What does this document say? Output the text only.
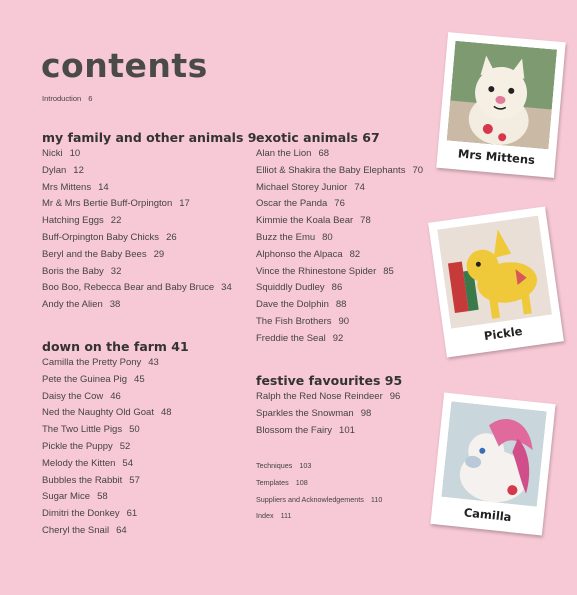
contents
Introduction 6
my family and other animals 9
Nicki 10
Dylan 12
Mrs Mittens 14
Mr & Mrs Bertie Buff-Orpington 17
Hatching Eggs 22
Buff-Orpington Baby Chicks 26
Beryl and the Baby Bees 29
Boris the Baby 32
Boo Boo, Rebecca Bear and Baby Bruce 34
Andy the Alien 38
down on the farm 41
Camilla the Pretty Pony 43
Pete the Guinea Pig 45
Daisy the Cow 46
Ned the Naughty Old Goat 48
The Two Little Pigs 50
Pickle the Puppy 52
Melody the Kitten 54
Bubbles the Rabbit 57
Sugar Mice 58
Dimitri the Donkey 61
Cheryl the Snail 64
exotic animals 67
Alan the Lion 68
Elliot & Shakira the Baby Elephants 70
Michael Storey Junior 74
Oscar the Panda 76
Kimmie the Koala Bear 78
Buzz the Emu 80
Alphonso the Alpaca 82
Vince the Rhinestone Spider 85
Squiddly Dudley 86
Dave the Dolphin 88
The Fish Brothers 90
Freddie the Seal 92
festive favourites 95
Ralph the Red Nose Reindeer 96
Sparkles the Snowman 98
Blossom the Fairy 101
Techniques 103
Templates 108
Suppliers and Acknowledgements 110
Index 111
Mrs Mittens
Pickle
Camilla
